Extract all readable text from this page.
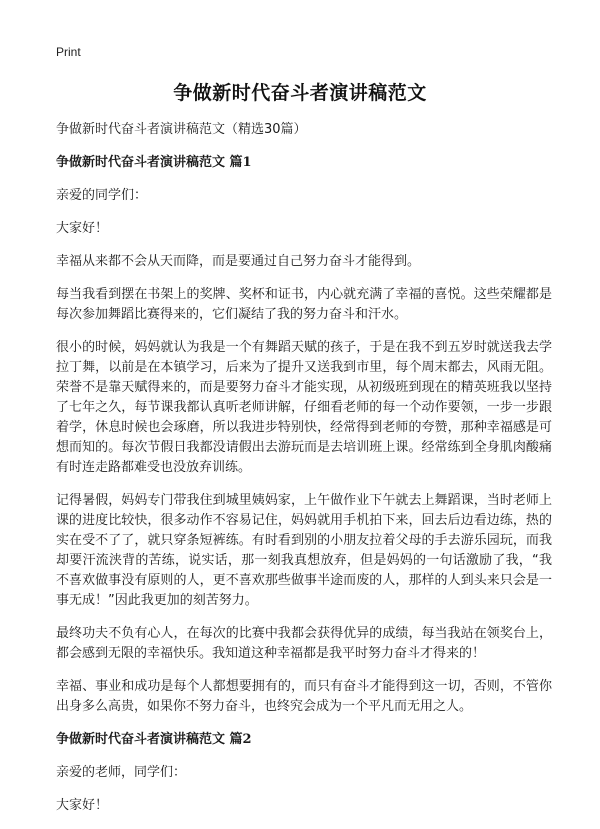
Print
争做新时代奋斗者演讲稿范文
争做新时代奋斗者演讲稿范文（精选30篇）
争做新时代奋斗者演讲稿范文 篇1
亲爱的同学们：
大家好！
幸福从来都不会从天而降，而是要通过自己努力奋斗才能得到。
每当我看到摆在书架上的奖牌、奖杯和证书，内心就充满了幸福的喜悦。这些荣耀都是每次参加舞蹈比赛得来的，它们凝结了我的努力奋斗和汗水。
很小的时候，妈妈就认为我是一个有舞蹈天赋的孩子，于是在我不到五岁时就送我去学拉丁舞，以前是在本镇学习，后来为了提升又送我到市里，每个周末都去，风雨无阻。荣誉不是靠天赋得来的，而是要努力奋斗才能实现，从初级班到现在的精英班我以坚持了七年之久，每节课我都认真听老师讲解，仔细看老师的每一个动作要领，一步一步跟着学，休息时候也会琢磨，所以我进步特别快，经常得到老师的夸赞，那种幸福感是可想而知的。每次节假日我都没请假出去游玩而是去培训班上课。经常练到全身肌肉酸痛有时连走路都难受也没放弃训练。
记得暑假，妈妈专门带我住到城里姨妈家，上午做作业下午就去上舞蹈课，当时老师上课的进度比较快，很多动作不容易记住，妈妈就用手机拍下来，回去后边看边练，热的实在受不了了，就只穿条短裤练。有时看到别的小朋友拉着父母的手去游乐园玩，而我却要汗流浃背的苦练，说实话，那一刻我真想放弃，但是妈妈的一句话激励了我，“我不喜欢做事没有原则的人，更不喜欢那些做事半途而废的人，那样的人到头来只会是一事无成！”因此我更加的刻苦努力。
最终功夫不负有心人，在每次的比赛中我都会获得优异的成绩，每当我站在领奖台上，都会感到无限的幸福快乐。我知道这种幸福都是我平时努力奋斗才得来的！
幸福、事业和成功是每个人都想要拥有的，而只有奋斗才能得到这一切，否则，不管你出身多么高贵，如果你不努力奋斗，也终究会成为一个平凡而无用之人。
争做新时代奋斗者演讲稿范文 篇2
亲爱的老师，同学们：
大家好！
